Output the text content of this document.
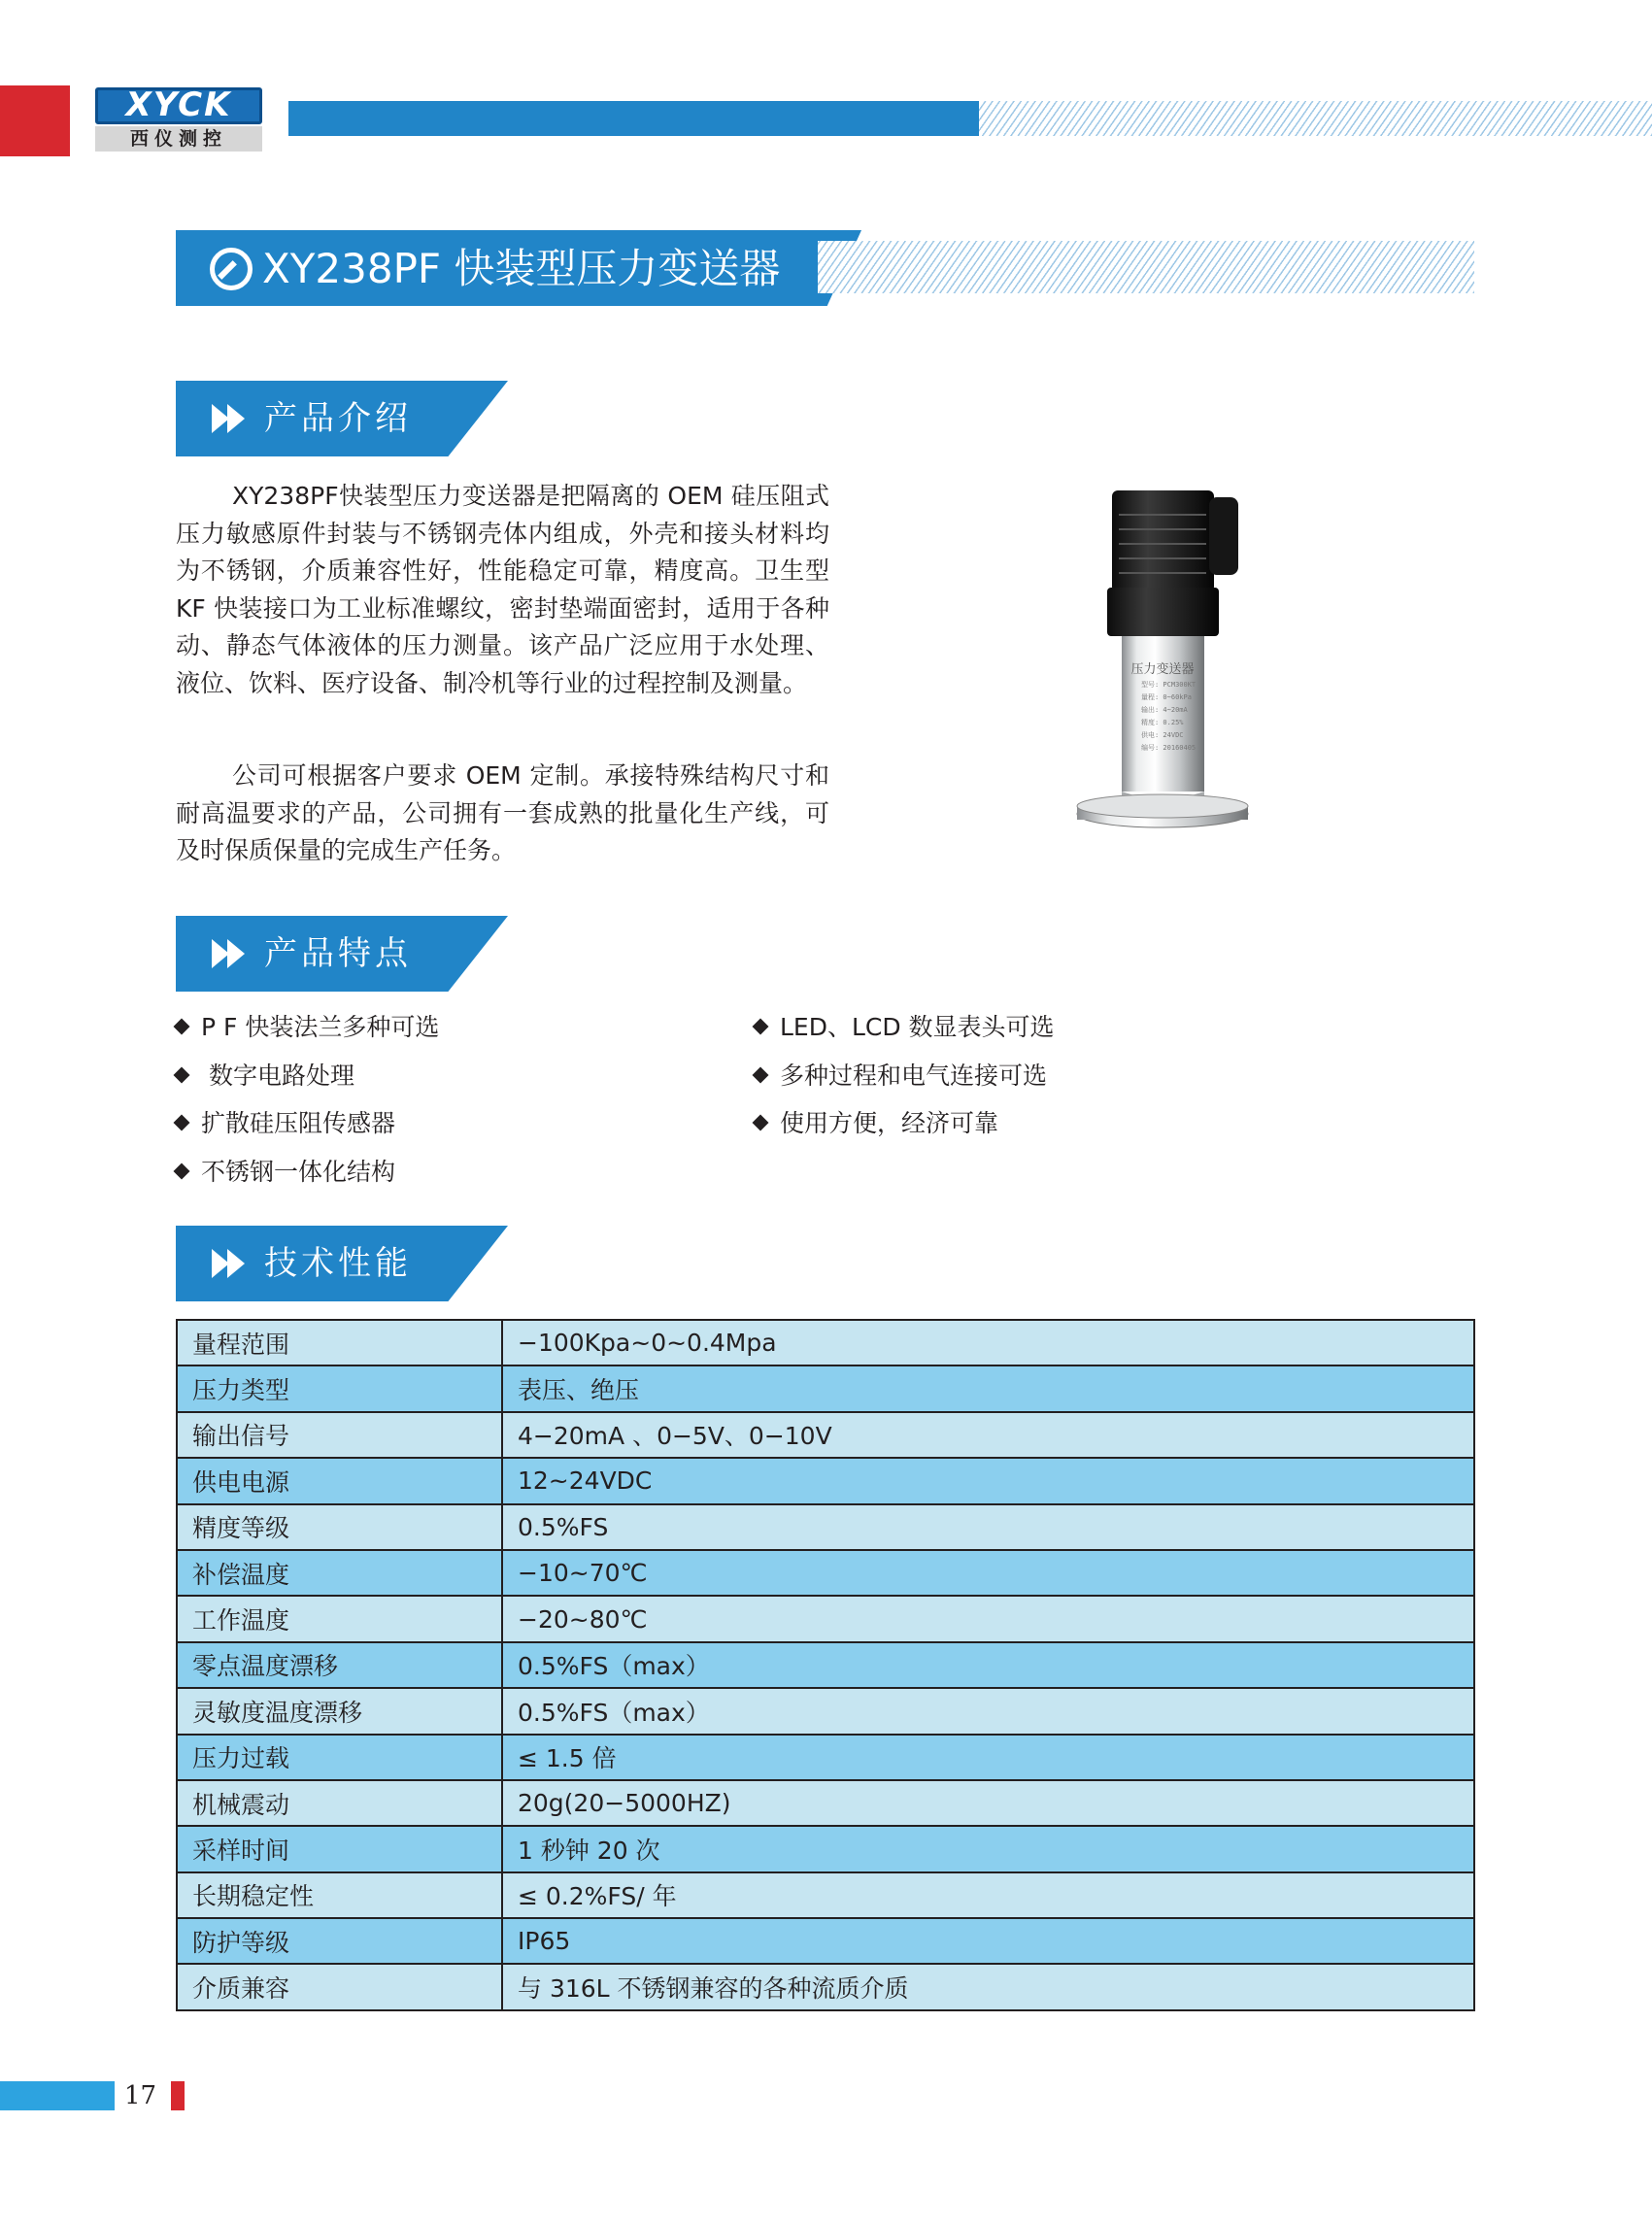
XYCK
西仪测控
XY238PF 快装型压力变送器
产品介绍

XY238PF快装型压力变送器是把隔离的 OEM 硅压阻式压力敏感原件封装与不锈钢壳体内组成，外壳和接头材料均为不锈钢，介质兼容性好，性能稳定可靠，精度高。卫生型 KF 快装接口为工业标准螺纹，密封垫端面密封，适用于各种动、静态气体液体的压力测量。该产品广泛应用于水处理、液位、饮料、医疗设备、制冷机等行业的过程控制及测量。

公司可根据客户要求 OEM 定制。承接特殊结构尺寸和耐高温要求的产品，公司拥有一套成熟的批量化生产线，可及时保质保量的完成生产任务。

压力变送器
型号: PCM300KT
量程: 0~60kPa
输出: 4~20mA
精度: 0.25%
供电: 24VDC
编号: 20160405
产品特点
P F 快装法兰多种可选
数字电路处理
扩散硅压阻传感器
不锈钢一体化结构
LED、LCD 数显表头可选
多种过程和电气连接可选
使用方便，经济可靠
技术性能
量程范围	−100Kpa~0~0.4Mpa
压力类型	表压、绝压
输出信号	4−20mA 、0−5V、0−10V
供电电源	12~24VDC
精度等级	0.5%FS
补偿温度	−10~70℃
工作温度	−20~80℃
零点温度漂移	0.5%FS（max）
灵敏度温度漂移	0.5%FS（max）
压力过载	≤ 1.5 倍
机械震动	20g(20−5000HZ)
采样时间	1 秒钟 20 次
长期稳定性	≤ 0.2%FS/ 年
防护等级	IP65
介质兼容	与 316L 不锈钢兼容的各种流质介质
17
